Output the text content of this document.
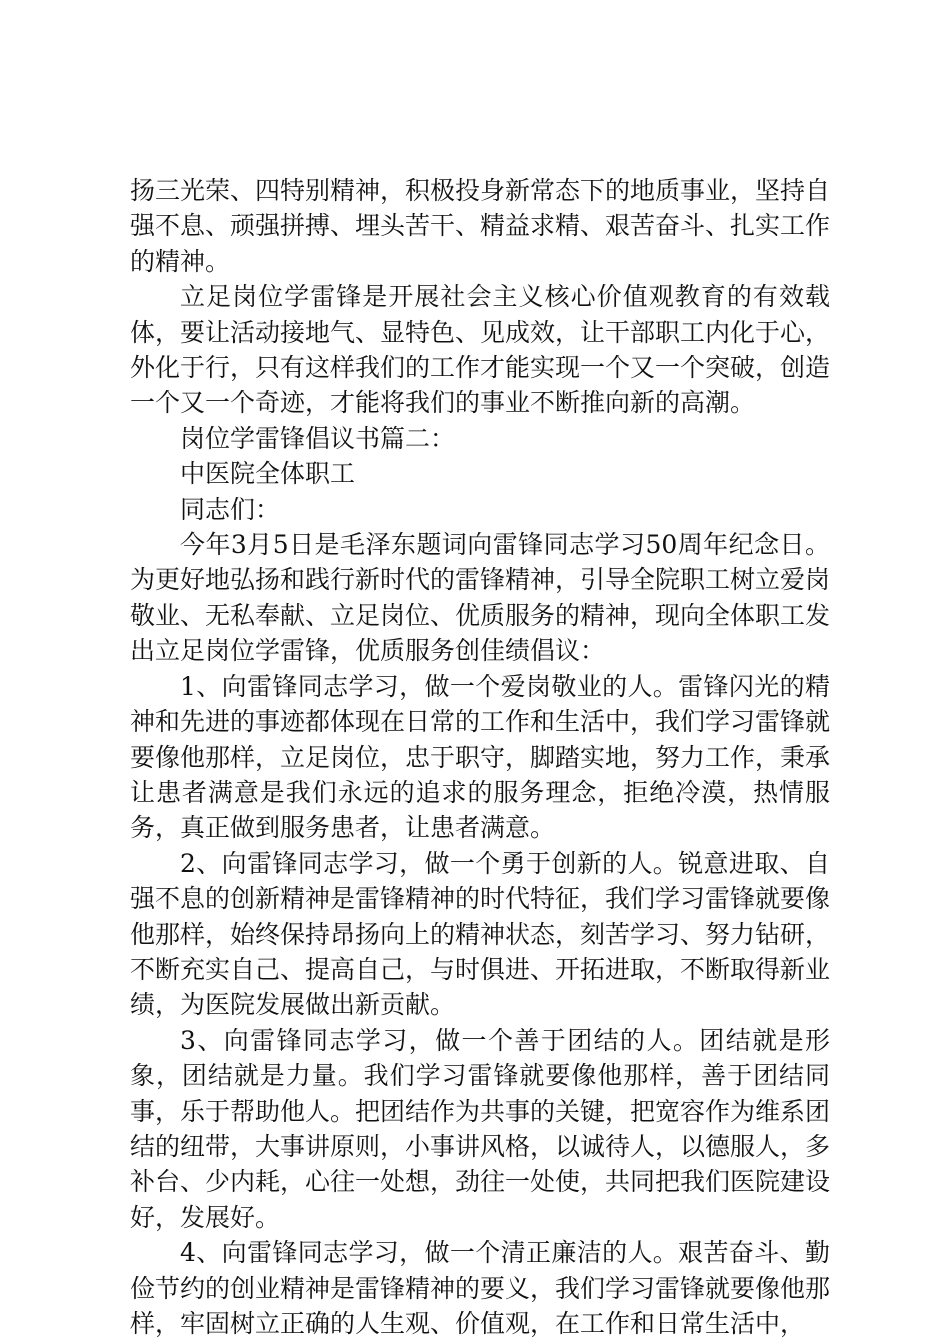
扬三光荣、四特别精神，积极投身新常态下的地质事业，坚持自强不息、顽强拼搏、埋头苦干、精益求精、艰苦奋斗、扎实工作的精神。

立足岗位学雷锋是开展社会主义核心价值观教育的有效载体，要让活动接地气、显特色、见成效，让干部职工内化于心，外化于行，只有这样我们的工作才能实现一个又一个突破，创造一个又一个奇迹，才能将我们的事业不断推向新的高潮。

岗位学雷锋倡议书篇二：

中医院全体职工

同志们：

今年3月5日是毛泽东题词向雷锋同志学习50周年纪念日。为更好地弘扬和践行新时代的雷锋精神，引导全院职工树立爱岗敬业、无私奉献、立足岗位、优质服务的精神，现向全体职工发出立足岗位学雷锋，优质服务创佳绩倡议：

1、向雷锋同志学习，做一个爱岗敬业的人。雷锋闪光的精神和先进的事迹都体现在日常的工作和生活中，我们学习雷锋就要像他那样，立足岗位，忠于职守，脚踏实地，努力工作，秉承让患者满意是我们永远的追求的服务理念，拒绝冷漠，热情服务，真正做到服务患者，让患者满意。

2、向雷锋同志学习，做一个勇于创新的人。锐意进取、自强不息的创新精神是雷锋精神的时代特征，我们学习雷锋就要像他那样，始终保持昂扬向上的精神状态，刻苦学习、努力钻研，不断充实自己、提高自己，与时俱进、开拓进取，不断取得新业绩，为医院发展做出新贡献。

3、向雷锋同志学习，做一个善于团结的人。团结就是形象，团结就是力量。我们学习雷锋就要像他那样，善于团结同事，乐于帮助他人。把团结作为共事的关键，把宽容作为维系团结的纽带，大事讲原则，小事讲风格，以诚待人，以德服人，多补台、少内耗，心往一处想，劲往一处使，共同把我们医院建设好，发展好。

4、向雷锋同志学习，做一个清正廉洁的人。艰苦奋斗、勤俭节约的创业精神是雷锋精神的要义，我们学习雷锋就要像他那样，牢固树立正确的人生观、价值观，在工作和日常生活中，
